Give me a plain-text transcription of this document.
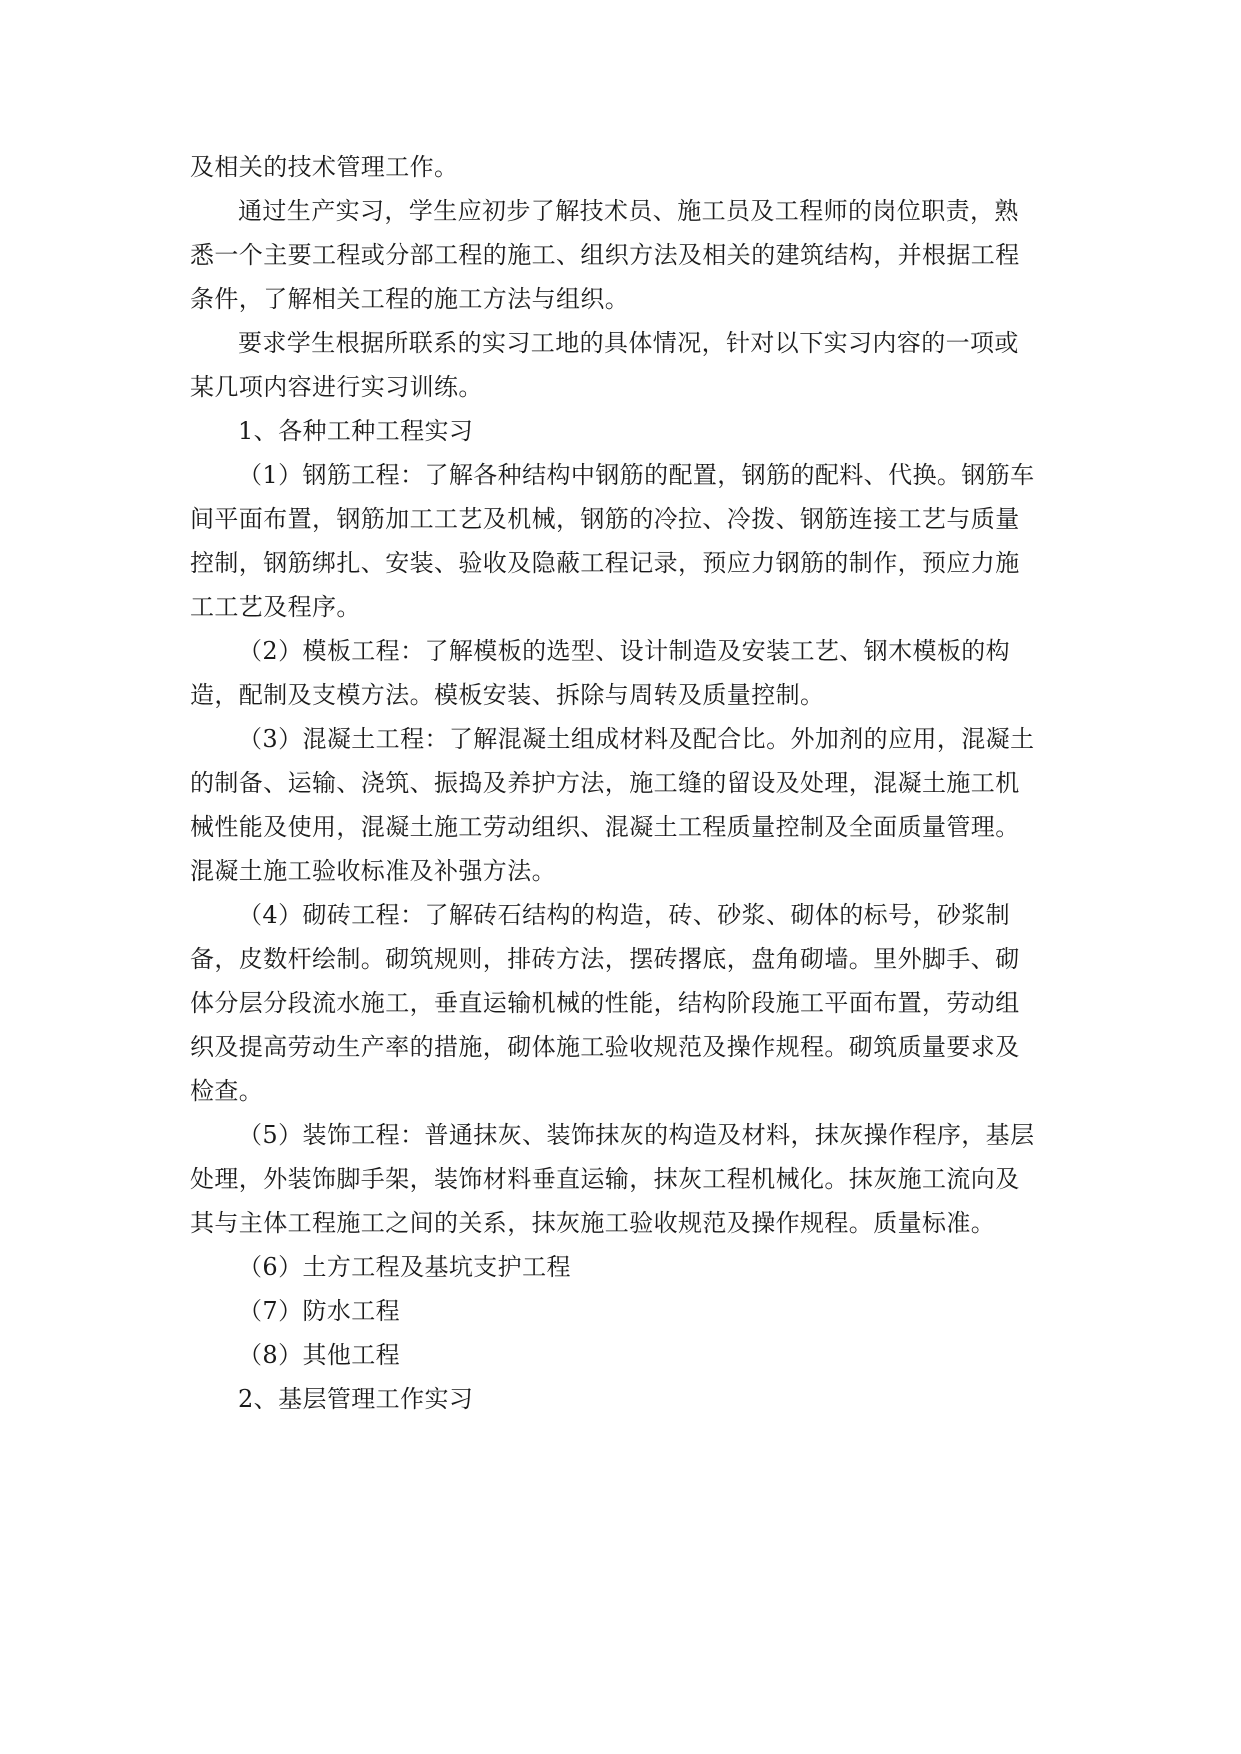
及相关的技术管理工作。
通过生产实习，学生应初步了解技术员、施工员及工程师的岗位职责，熟
悉一个主要工程或分部工程的施工、组织方法及相关的建筑结构，并根据工程
条件，了解相关工程的施工方法与组织。
要求学生根据所联系的实习工地的具体情况，针对以下实习内容的一项或
某几项内容进行实习训练。
1、各种工种工程实习
（1）钢筋工程：了解各种结构中钢筋的配置，钢筋的配料、代换。钢筋车
间平面布置，钢筋加工工艺及机械，钢筋的冷拉、冷拨、钢筋连接工艺与质量
控制，钢筋绑扎、安装、验收及隐蔽工程记录，预应力钢筋的制作，预应力施
工工艺及程序。
（2）模板工程：了解模板的选型、设计制造及安装工艺、钢木模板的构
造，配制及支模方法。模板安装、拆除与周转及质量控制。
（3）混凝土工程：了解混凝土组成材料及配合比。外加剂的应用，混凝土
的制备、运输、浇筑、振捣及养护方法，施工缝的留设及处理，混凝土施工机
械性能及使用，混凝土施工劳动组织、混凝土工程质量控制及全面质量管理。
混凝土施工验收标准及补强方法。
（4）砌砖工程：了解砖石结构的构造，砖、砂浆、砌体的标号，砂浆制
备，皮数杆绘制。砌筑规则，排砖方法，摆砖撂底，盘角砌墙。里外脚手、砌
体分层分段流水施工，垂直运输机械的性能，结构阶段施工平面布置，劳动组
织及提高劳动生产率的措施，砌体施工验收规范及操作规程。砌筑质量要求及
检查。
（5）装饰工程：普通抹灰、装饰抹灰的构造及材料，抹灰操作程序，基层
处理，外装饰脚手架，装饰材料垂直运输，抹灰工程机械化。抹灰施工流向及
其与主体工程施工之间的关系，抹灰施工验收规范及操作规程。质量标准。
（6）土方工程及基坑支护工程
（7）防水工程
（8）其他工程
2、基层管理工作实习
